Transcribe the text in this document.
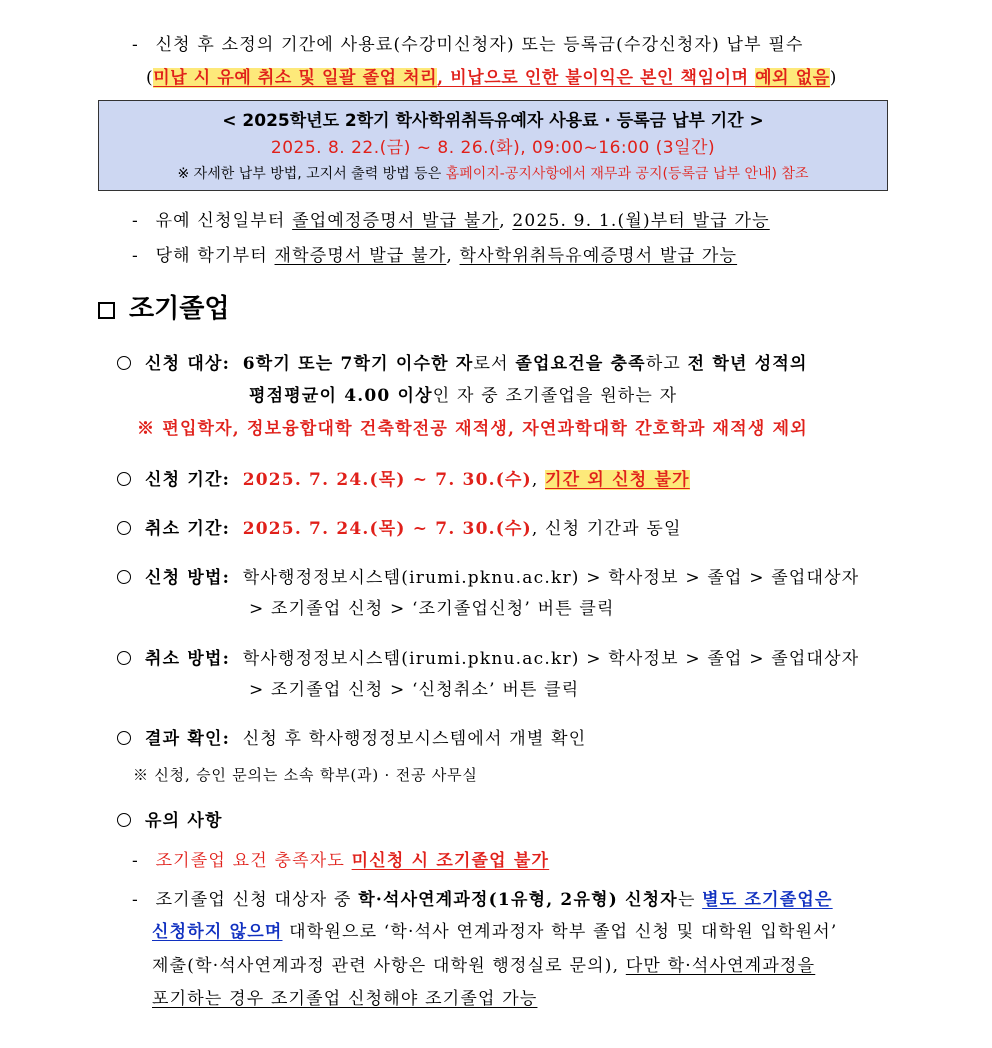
- 신청 후 소정의 기간에 사용료(수강미신청자) 또는 등록금(수강신청자) 납부 필수
(미납 시 유예 취소 및 일괄 졸업 처리, 비납으로 인한 불이익은 본인 책임이며 예외 없음)
< 2025학년도 2학기 학사학위취득유예자 사용료 · 등록금 납부 기간 >
2025. 8. 22.(금) ~ 8. 26.(화), 09:00~16:00 (3일간)
※ 자세한 납부 방법, 고지서 출력 방법 등은 홈페이지-공지사항에서 재무과 공지(등록금 납부 안내) 참조
- 유예 신청일부터 졸업예정증명서 발급 불가, 2025. 9. 1.(월)부터 발급 가능
- 당해 학기부터 재학증명서 발급 불가, 학사학위취득유예증명서 발급 가능
조기졸업
신청 대상: 6학기 또는 7학기 이수한 자로서 졸업요건을 충족하고 전 학년 성적의
평점평균이 4.00 이상인 자 중 조기졸업을 원하는 자
※ 편입학자, 정보융합대학 건축학전공 재적생, 자연과학대학 간호학과 재적생 제외
신청 기간: 2025. 7. 24.(목) ~ 7. 30.(수), 기간 외 신청 불가
취소 기간: 2025. 7. 24.(목) ~ 7. 30.(수), 신청 기간과 동일
신청 방법: 학사행정정보시스템(irumi.pknu.ac.kr) > 학사정보 > 졸업 > 졸업대상자
> 조기졸업 신청 > ‘조기졸업신청’ 버튼 클릭
취소 방법: 학사행정정보시스템(irumi.pknu.ac.kr) > 학사정보 > 졸업 > 졸업대상자
> 조기졸업 신청 > ‘신청취소’ 버튼 클릭
결과 확인: 신청 후 학사행정정보시스템에서 개별 확인
※ 신청, 승인 문의는 소속 학부(과) · 전공 사무실
유의 사항
- 조기졸업 요건 충족자도 미신청 시 조기졸업 불가
- 조기졸업 신청 대상자 중 학·석사연계과정(1유형, 2유형) 신청자는 별도 조기졸업은
신청하지 않으며 대학원으로 ‘학·석사 연계과정자 학부 졸업 신청 및 대학원 입학원서’
제출(학·석사연계과정 관련 사항은 대학원 행정실로 문의), 다만 학·석사연계과정을
포기하는 경우 조기졸업 신청해야 조기졸업 가능
